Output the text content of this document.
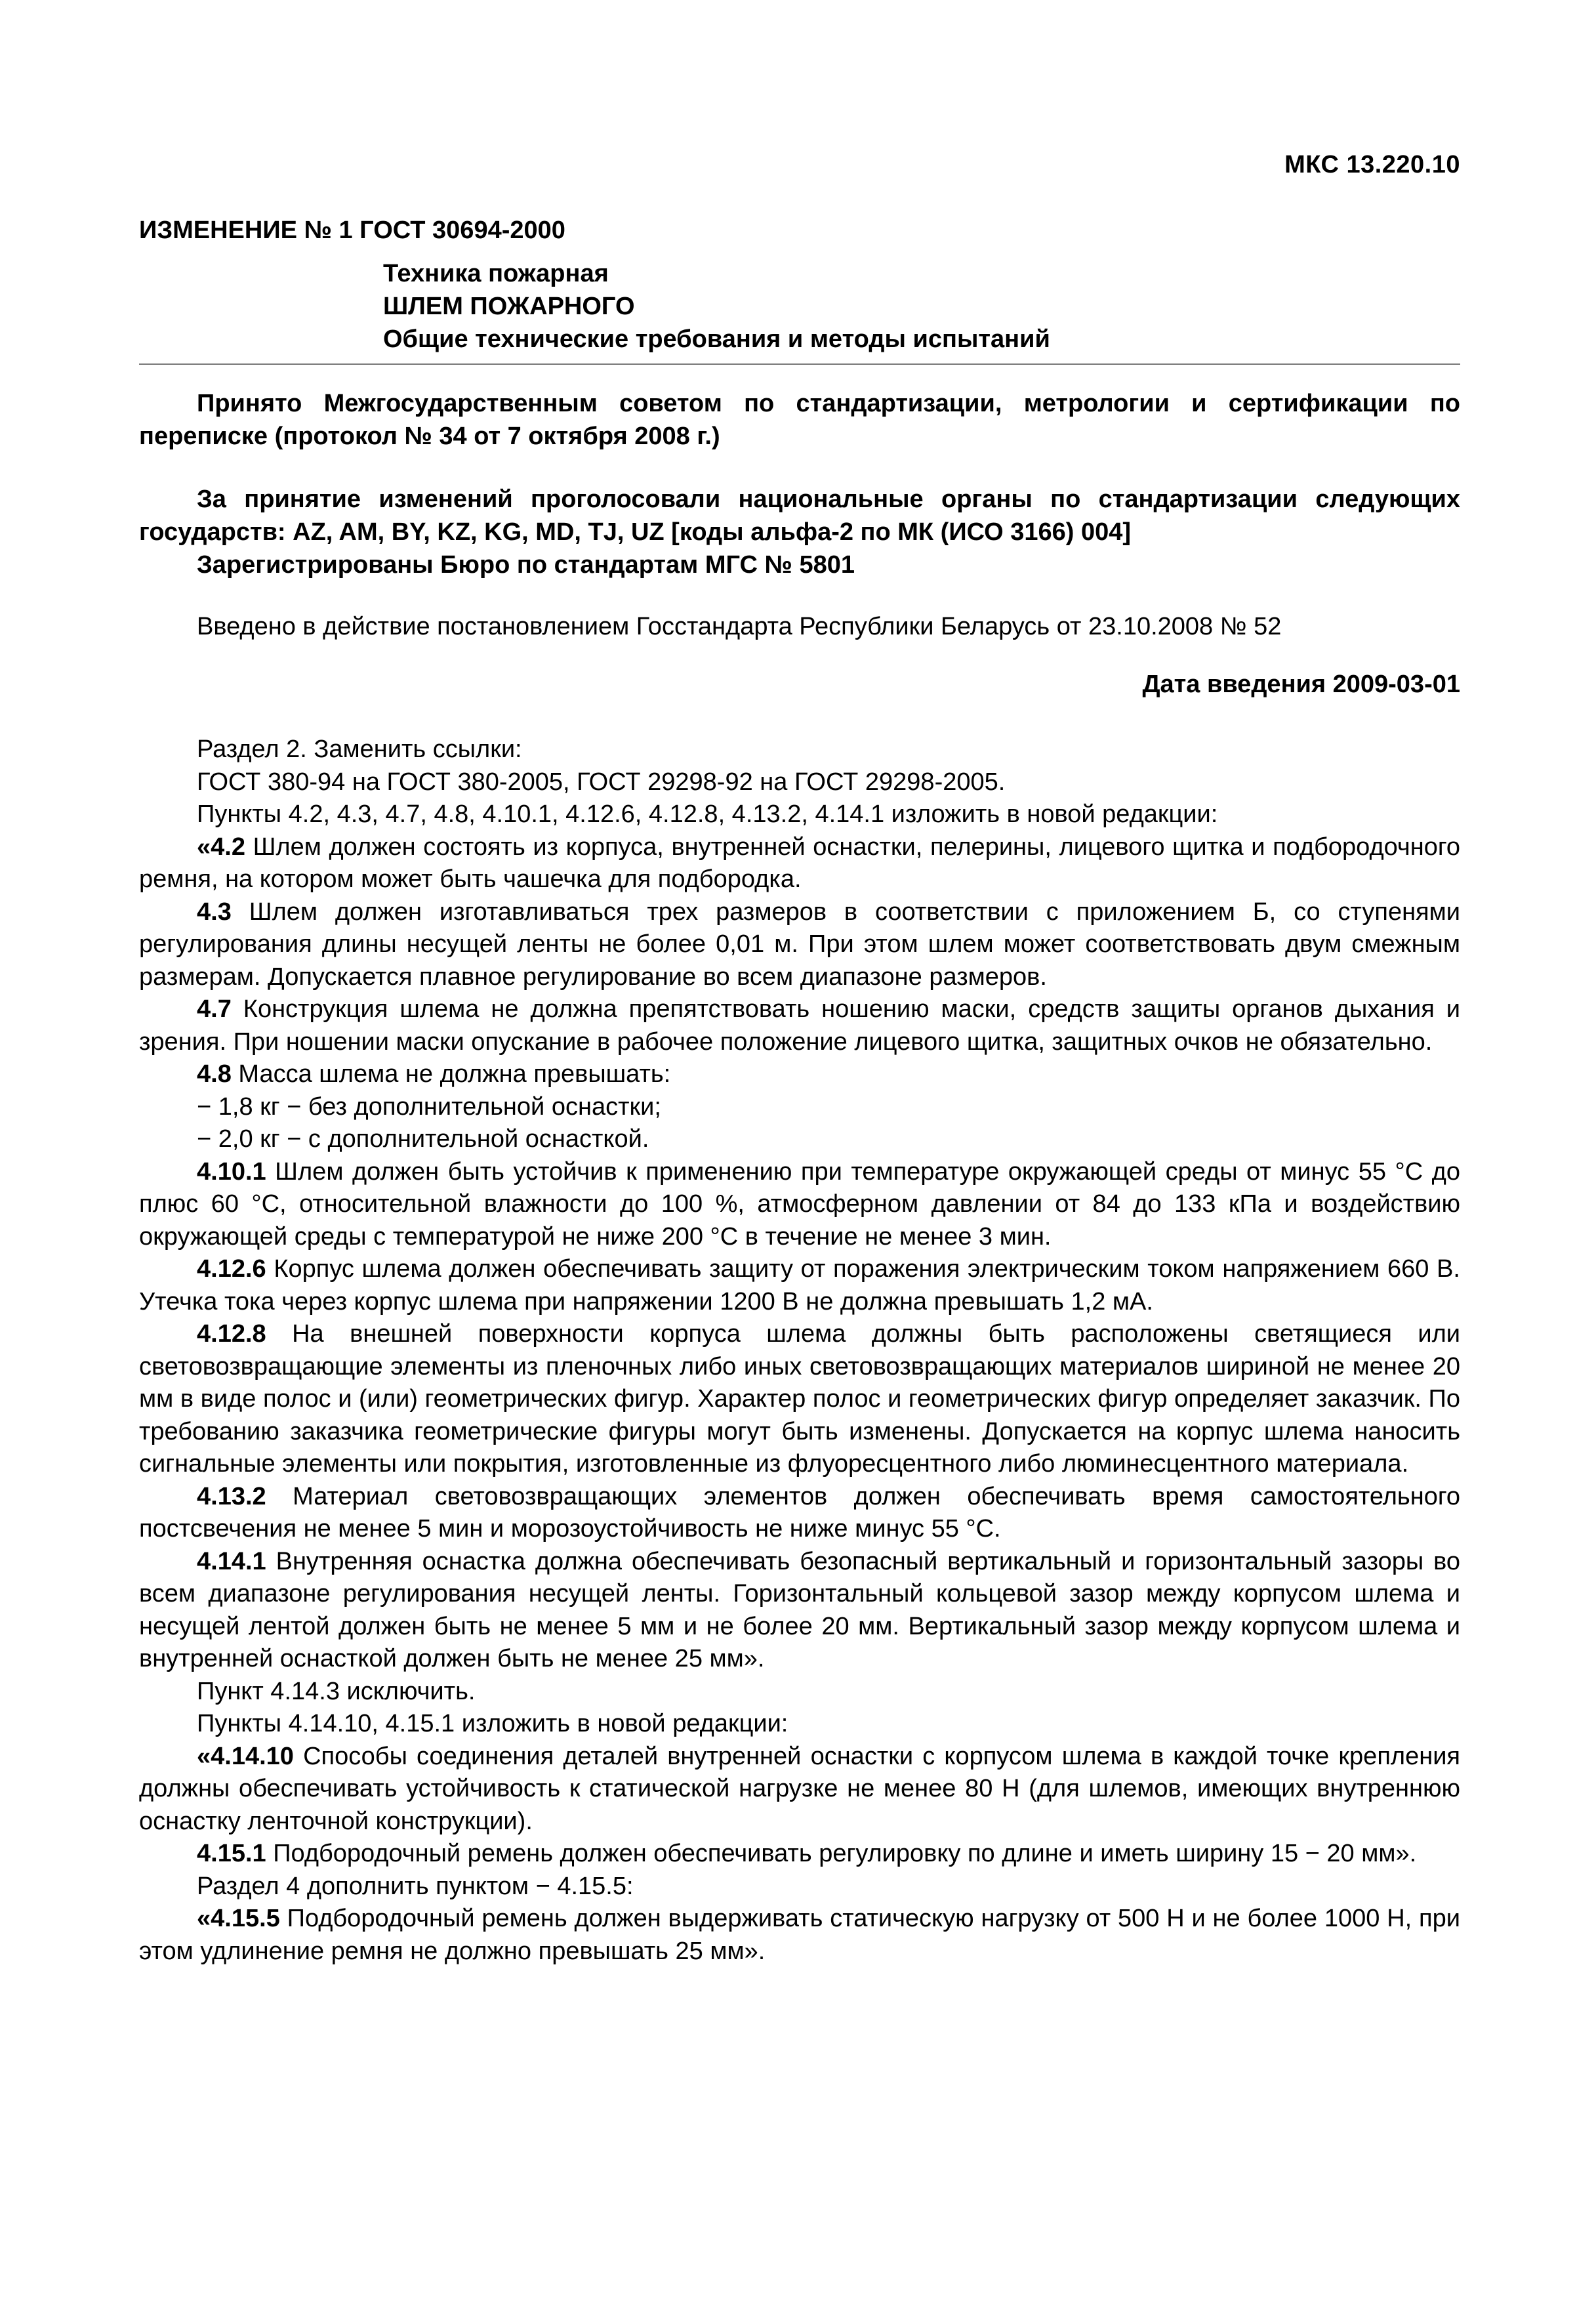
МКС 13.220.10
ИЗМЕНЕНИЕ № 1 ГОСТ 30694-2000
Техника пожарная
ШЛЕМ ПОЖАРНОГО
Общие технические требования и методы испытаний
Принято Межгосударственным советом по стандартизации, метрологии и сертификации по переписке (протокол № 34 от 7 октября 2008 г.)
За принятие изменений проголосовали национальные органы по стандартизации следующих государств: AZ, AM, BY, KZ, KG, MD, TJ, UZ [коды альфа-2 по МК (ИСО 3166) 004]
Зарегистрированы Бюро по стандартам МГС № 5801
Введено в действие постановлением Госстандарта Республики Беларусь от 23.10.2008 № 52
Дата введения 2009-03-01

Раздел 2. Заменить ссылки:

ГОСТ 380-94 на ГОСТ 380-2005, ГОСТ 29298-92 на ГОСТ 29298-2005.

Пункты 4.2, 4.3, 4.7, 4.8, 4.10.1, 4.12.6, 4.12.8, 4.13.2, 4.14.1 изложить в новой редакции:

«4.2 Шлем должен состоять из корпуса, внутренней оснастки, пелерины, лицевого щитка и подбородочного ремня, на котором может быть чашечка для подбородка.

4.3 Шлем должен изготавливаться трех размеров в соответствии с приложением Б, со ступенями регулирования длины несущей ленты не более 0,01 м. При этом шлем может соответствовать двум смежным размерам. Допускается плавное регулирование во всем диапазоне размеров.

4.7 Конструкция шлема не должна препятствовать ношению маски, средств защиты органов дыхания и зрения. При ношении маски опускание в рабочее положение лицевого щитка, защитных очков не обязательно.

4.8 Масса шлема не должна превышать:

− 1,8 кг − без дополнительной оснастки;

− 2,0 кг − с дополнительной оснасткой.

4.10.1 Шлем должен быть устойчив к применению при температуре окружающей среды от минус 55 °С до плюс 60 °С, относительной влажности до 100 %, атмосферном давлении от 84 до 133 кПа и воздействию окружающей среды с температурой не ниже 200 °С в течение не менее 3 мин.

4.12.6 Корпус шлема должен обеспечивать защиту от поражения электрическим током напряжением 660 В. Утечка тока через корпус шлема при напряжении 1200 В не должна превышать 1,2 мА.

4.12.8 На внешней поверхности корпуса шлема должны быть расположены светящиеся или световозвращающие элементы из пленочных либо иных световозвращающих материалов шириной не менее 20 мм в виде полос и (или) геометрических фигур. Характер полос и геометрических фигур определяет заказчик. По требованию заказчика геометрические фигуры могут быть изменены. Допускается на корпус шлема наносить сигнальные элементы или покрытия, изготовленные из флуоресцентного либо люминесцентного материала.

4.13.2 Материал световозвращающих элементов должен обеспечивать время самостоятельного постсвечения не менее 5 мин и морозоустойчивость не ниже минус 55 °С.

4.14.1 Внутренняя оснастка должна обеспечивать безопасный вертикальный и горизонтальный зазоры во всем диапазоне регулирования несущей ленты. Горизонтальный кольцевой зазор между корпусом шлема и несущей лентой должен быть не менее 5 мм и не более 20 мм. Вертикальный зазор между корпусом шлема и внутренней оснасткой должен быть не менее 25 мм».

Пункт 4.14.3 исключить.

Пункты 4.14.10, 4.15.1 изложить в новой редакции:

«4.14.10 Способы соединения деталей внутренней оснастки с корпусом шлема в каждой точке крепления должны обеспечивать устойчивость к статической нагрузке не менее 80 Н (для шлемов, имеющих внутреннюю оснастку ленточной конструкции).

4.15.1 Подбородочный ремень должен обеспечивать регулировку по длине и иметь ширину 15 − 20 мм».

Раздел 4 дополнить пунктом − 4.15.5:

«4.15.5 Подбородочный ремень должен выдерживать статическую нагрузку от 500 Н и не более 1000 Н, при этом удлинение ремня не должно превышать 25 мм».
